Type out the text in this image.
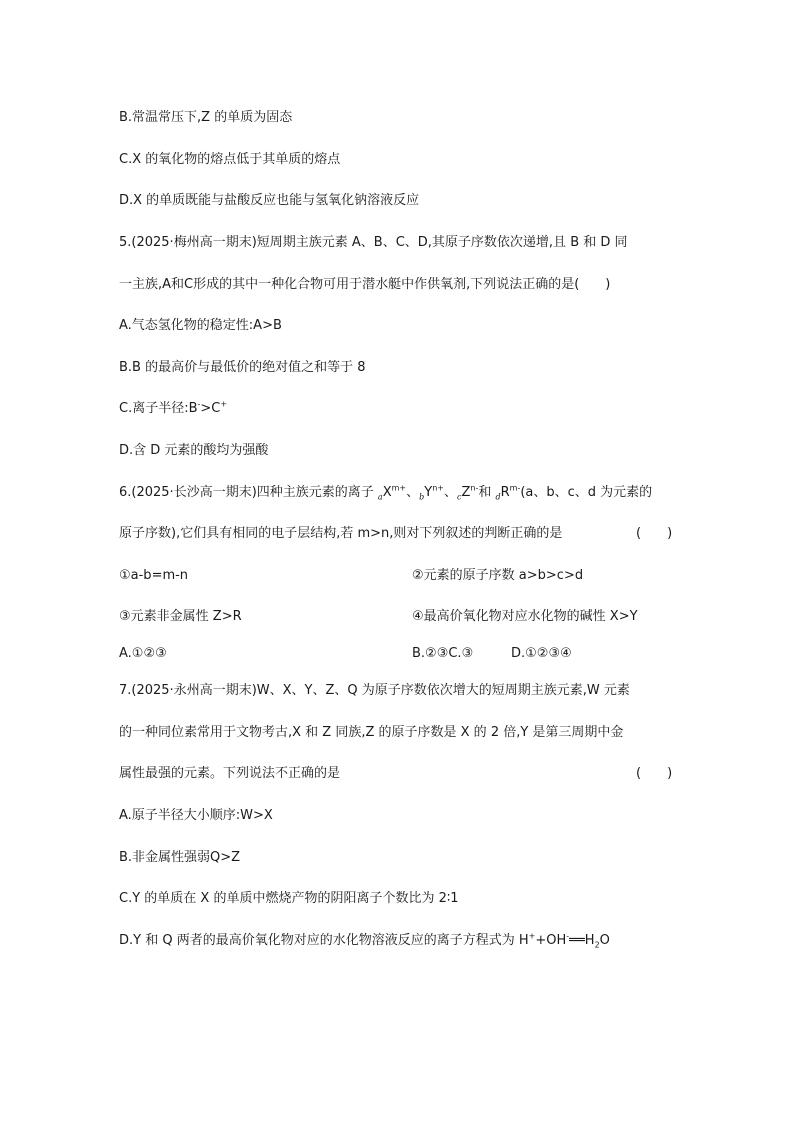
B.常温常压下,Z 的单质为固态
C.X 的氧化物的熔点低于其单质的熔点
D.X 的单质既能与盐酸反应也能与氢氧化钠溶液反应
5.(2025·梅州高一期末)短周期主族元素 A、B、C、D,其原子序数依次递增,且 B 和 D 同
一主族,A和C形成的其中一种化合物可用于潜水艇中作供氧剂,下列说法正确的是(　　)
A.气态氢化物的稳定性:A>B
B.B 的最高价与最低价的绝对值之和等于 8
C.离子半径:B->C+
D.含 D 元素的酸均为强酸
6.(2025·长沙高一期末)四种主族元素的离子 $_aX^{m+}$、$_bY^{n+}$、$_cZ^{n-}$和 $_dR^{m-}(a$、b、c、d 为元素的
原子序数),它们具有相同的电子层结构,若 m>n,则对下列叙述的判断正确的是	(　　)
①a-b=m-n	②元素的原子序数 a>b>c>d
③元素非金属性 Z>R	④最高价氧化物对应水化物的碱性 X>Y
A.①②③	B.②③C.③	D.①②③④
7.(2025·永州高一期末)W、X、Y、Z、Q 为原子序数依次增大的短周期主族元素,W 元素
的一种同位素常用于文物考古,X 和 Z 同族,Z 的原子序数是 X 的 2 倍,Y 是第三周期中金
属性最强的元素。下列说法不正确的是	(　　)
A.原子半径大小顺序:W>X
B.非金属性强弱Q>Z
C.Y 的单质在 X 的单质中燃烧产物的阴阳离子个数比为 2∶1
D.Y 和 Q 两者的最高价氧化物对应的水化物溶液反应的离子方程式为 $H^++OH^-══H_2O$
